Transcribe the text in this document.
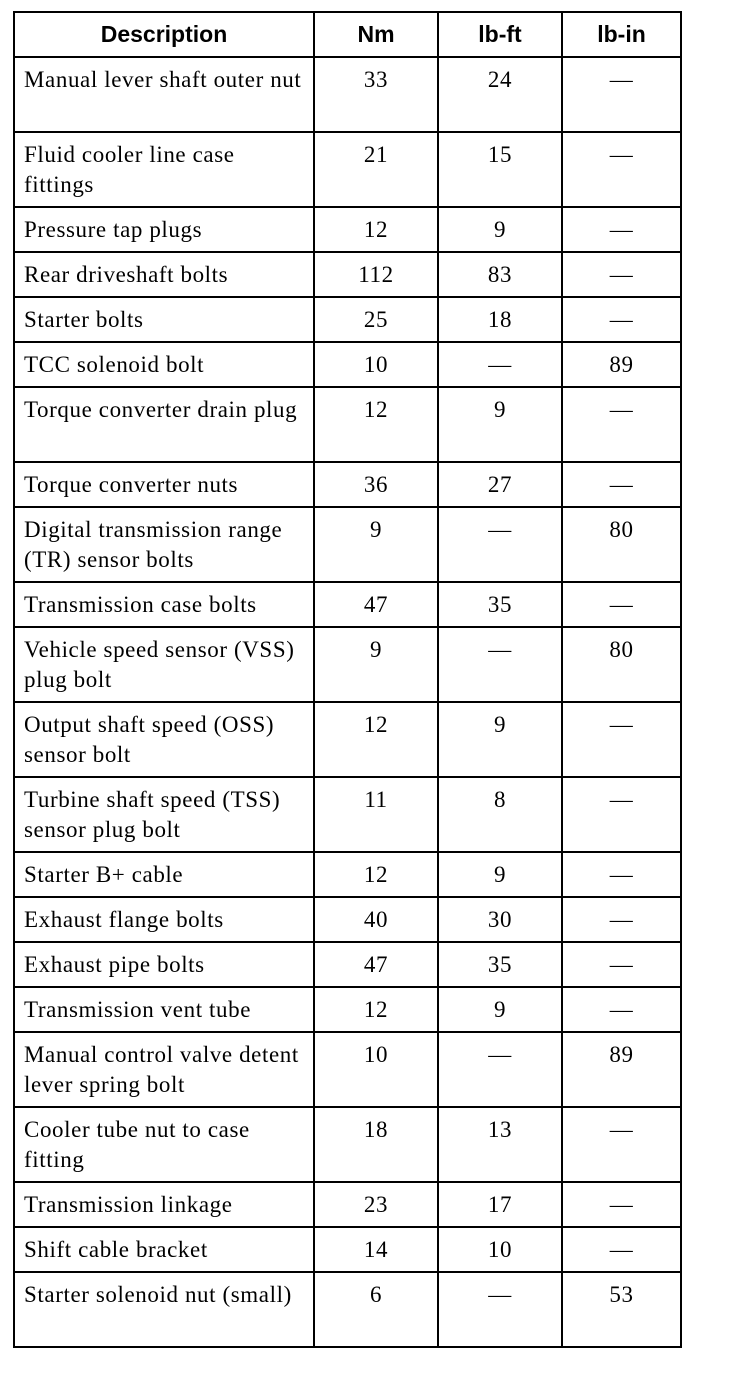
Description	Nm	lb-ft	lb-in
Manual lever shaft outer nut	33	24	—
Fluid cooler line case fittings	21	15	—
Pressure tap plugs	12	9	—
Rear driveshaft bolts	112	83	—
Starter bolts	25	18	—
TCC solenoid bolt	10	—	89
Torque converter drain plug	12	9	—
Torque converter nuts	36	27	—
Digital transmission range (TR) sensor bolts	9	—	80
Transmission case bolts	47	35	—
Vehicle speed sensor (VSS) plug bolt	9	—	80
Output shaft speed (OSS) sensor bolt	12	9	—
Turbine shaft speed (TSS) sensor plug bolt	11	8	—
Starter B+ cable	12	9	—
Exhaust flange bolts	40	30	—
Exhaust pipe bolts	47	35	—
Transmission vent tube	12	9	—
Manual control valve detent lever spring bolt	10	—	89
Cooler tube nut to case fitting	18	13	—
Transmission linkage	23	17	—
Shift cable bracket	14	10	—
Starter solenoid nut (small)	6	—	53
